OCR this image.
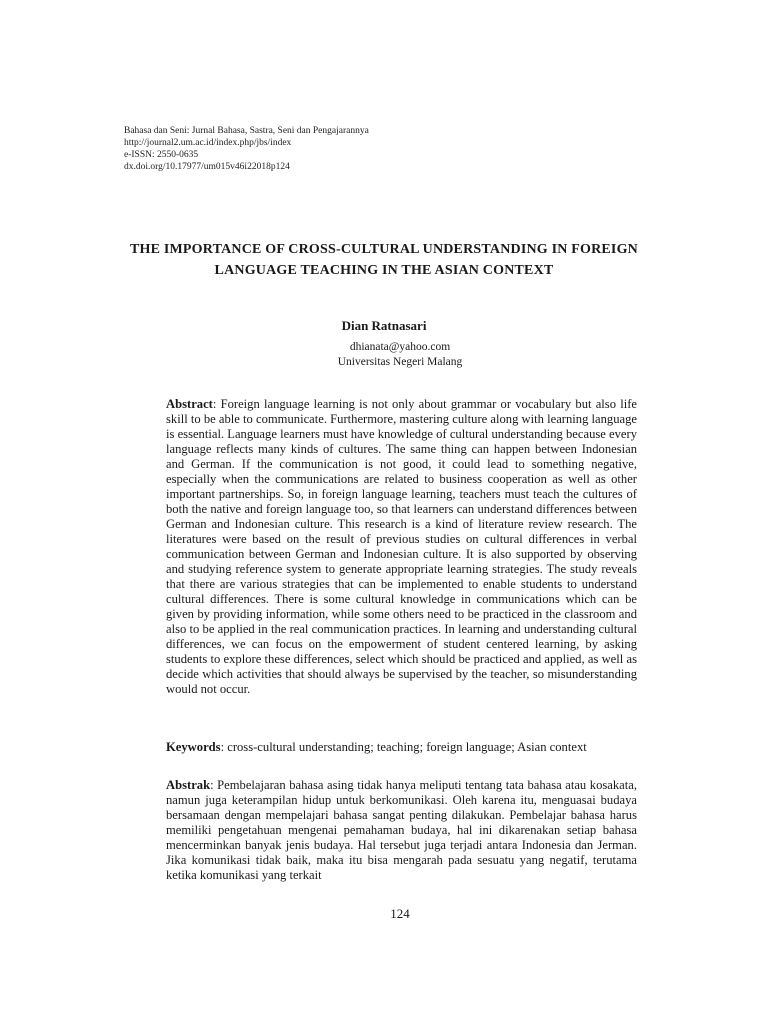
Bahasa dan Seni: Jurnal Bahasa, Sastra, Seni dan Pengajarannya
http://journal2.um.ac.id/index.php/jbs/index
e-ISSN: 2550-0635
dx.doi.org/10.17977/um015v46i22018p124
THE IMPORTANCE OF CROSS-CULTURAL UNDERSTANDING IN FOREIGN LANGUAGE TEACHING IN THE ASIAN CONTEXT
Dian Ratnasari
dhianata@yahoo.com
Universitas Negeri Malang
Abstract: Foreign language learning is not only about grammar or vocabulary but also life skill to be able to communicate. Furthermore, mastering culture along with learning language is essential. Language learners must have knowledge of cultural understanding because every language reflects many kinds of cultures. The same thing can happen between Indonesian and German. If the communication is not good, it could lead to something negative, especially when the communications are related to business cooperation as well as other important partnerships. So, in foreign language learning, teachers must teach the cultures of both the native and foreign language too, so that learners can understand differences between German and Indonesian culture. This research is a kind of literature review research. The literatures were based on the result of previous studies on cultural differences in verbal communication between German and Indonesian culture. It is also supported by observing and studying reference system to generate appropriate learning strategies. The study reveals that there are various strategies that can be implemented to enable students to understand cultural differences. There is some cultural knowledge in communications which can be given by providing information, while some others need to be practiced in the classroom and also to be applied in the real communication practices. In learning and understanding cultural differences, we can focus on the empowerment of student centered learning, by asking students to explore these differences, select which should be practiced and applied, as well as decide which activities that should always be supervised by the teacher, so misunderstanding would not occur.
Keywords: cross-cultural understanding; teaching; foreign language; Asian context
Abstrak: Pembelajaran bahasa asing tidak hanya meliputi tentang tata bahasa atau kosakata, namun juga keterampilan hidup untuk berkomunikasi. Oleh karena itu, menguasai budaya bersamaan dengan mempelajari bahasa sangat penting dilakukan. Pembelajar bahasa harus memiliki pengetahuan mengenai pemahaman budaya, hal ini dikarenakan setiap bahasa mencerminkan banyak jenis budaya. Hal tersebut juga terjadi antara Indonesia dan Jerman. Jika komunikasi tidak baik, maka itu bisa mengarah pada sesuatu yang negatif, terutama ketika komunikasi yang terkait
124
